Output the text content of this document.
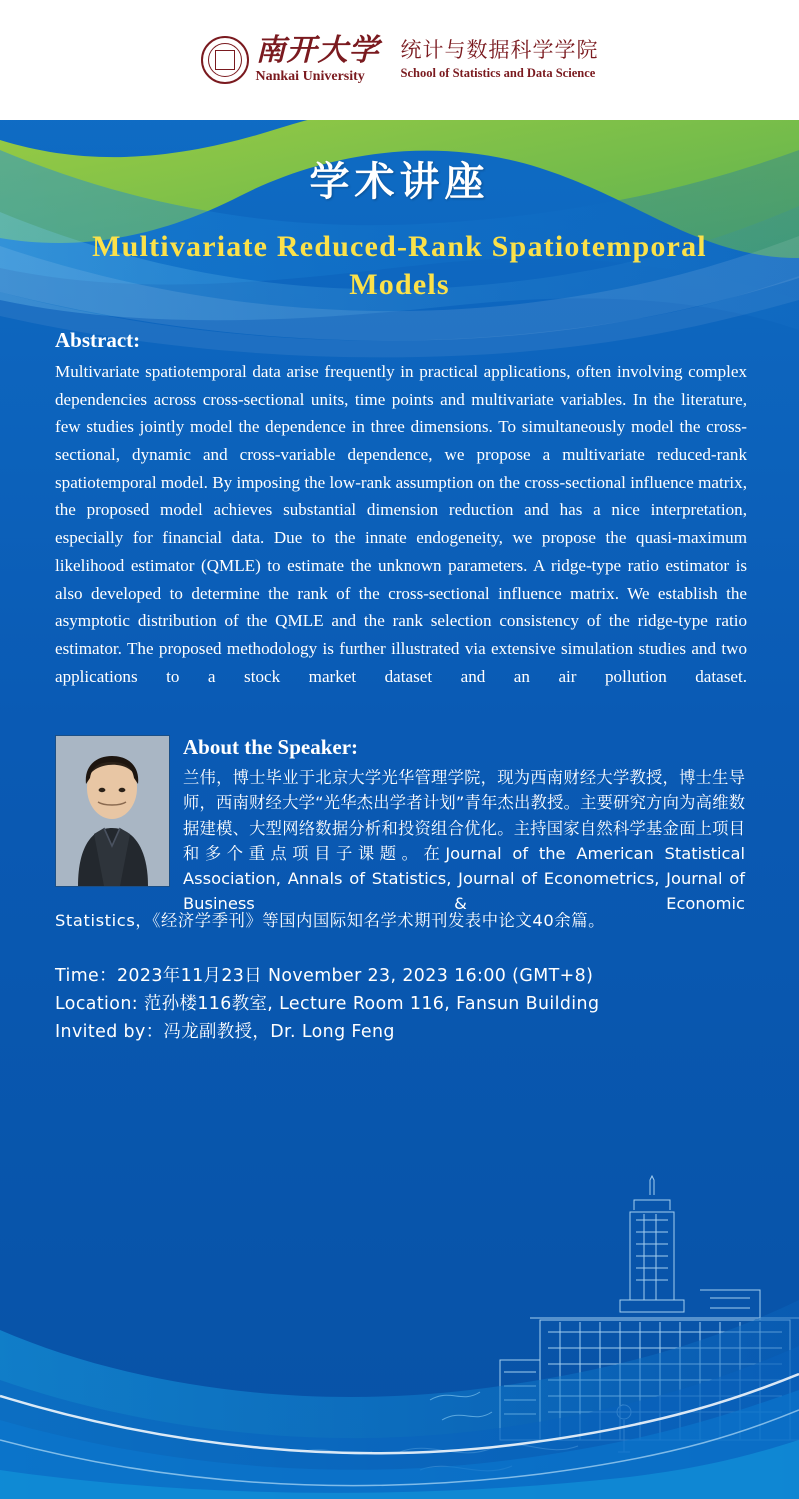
南开大学
Nankai University
统计与数据科学学院
School of Statistics and Data Science
学术讲座
Multivariate Reduced-Rank Spatiotemporal Models
Abstract:
Multivariate spatiotemporal data arise frequently in practical applications, often involving complex dependencies across cross-sectional units, time points and multivariate variables. In the literature, few studies jointly model the dependence in three dimensions. To simultaneously model the cross-sectional, dynamic and cross-variable dependence, we propose a multivariate reduced-rank spatiotemporal model. By imposing the low-rank assumption on the cross-sectional influence matrix, the proposed model achieves substantial dimension reduction and has a nice interpretation, especially for financial data. Due to the innate endogeneity, we propose the quasi-maximum likelihood estimator (QMLE) to estimate the unknown parameters. A ridge-type ratio estimator is also developed to determine the rank of the cross-sectional influence matrix. We establish the asymptotic distribution of the QMLE and the rank selection consistency of the ridge-type ratio estimator. The proposed methodology is further illustrated via extensive simulation studies and two applications to a stock market dataset and an air pollution dataset.
About the Speaker:
兰伟，博士毕业于北京大学光华管理学院，现为西南财经大学教授，博士生导师，西南财经大学“光华杰出学者计划”青年杰出教授。主要研究方向为高维数据建模、大型网络数据分析和投资组合优化。主持国家自然科学基金面上项目和多个重点项目子课题。在Journal of the American Statistical Association, Annals of Statistics, Journal of Econometrics, Journal of Business & Economic
Statistics，《经济学季刊》等国内国际知名学术期刊发表中论文40余篇。
Time：2023年11月23日 November 23, 2023 16:00 (GMT+8)
Location: 范孙楼116教室, Lecture Room 116, Fansun Building
Invited by：冯龙副教授，Dr. Long Feng
